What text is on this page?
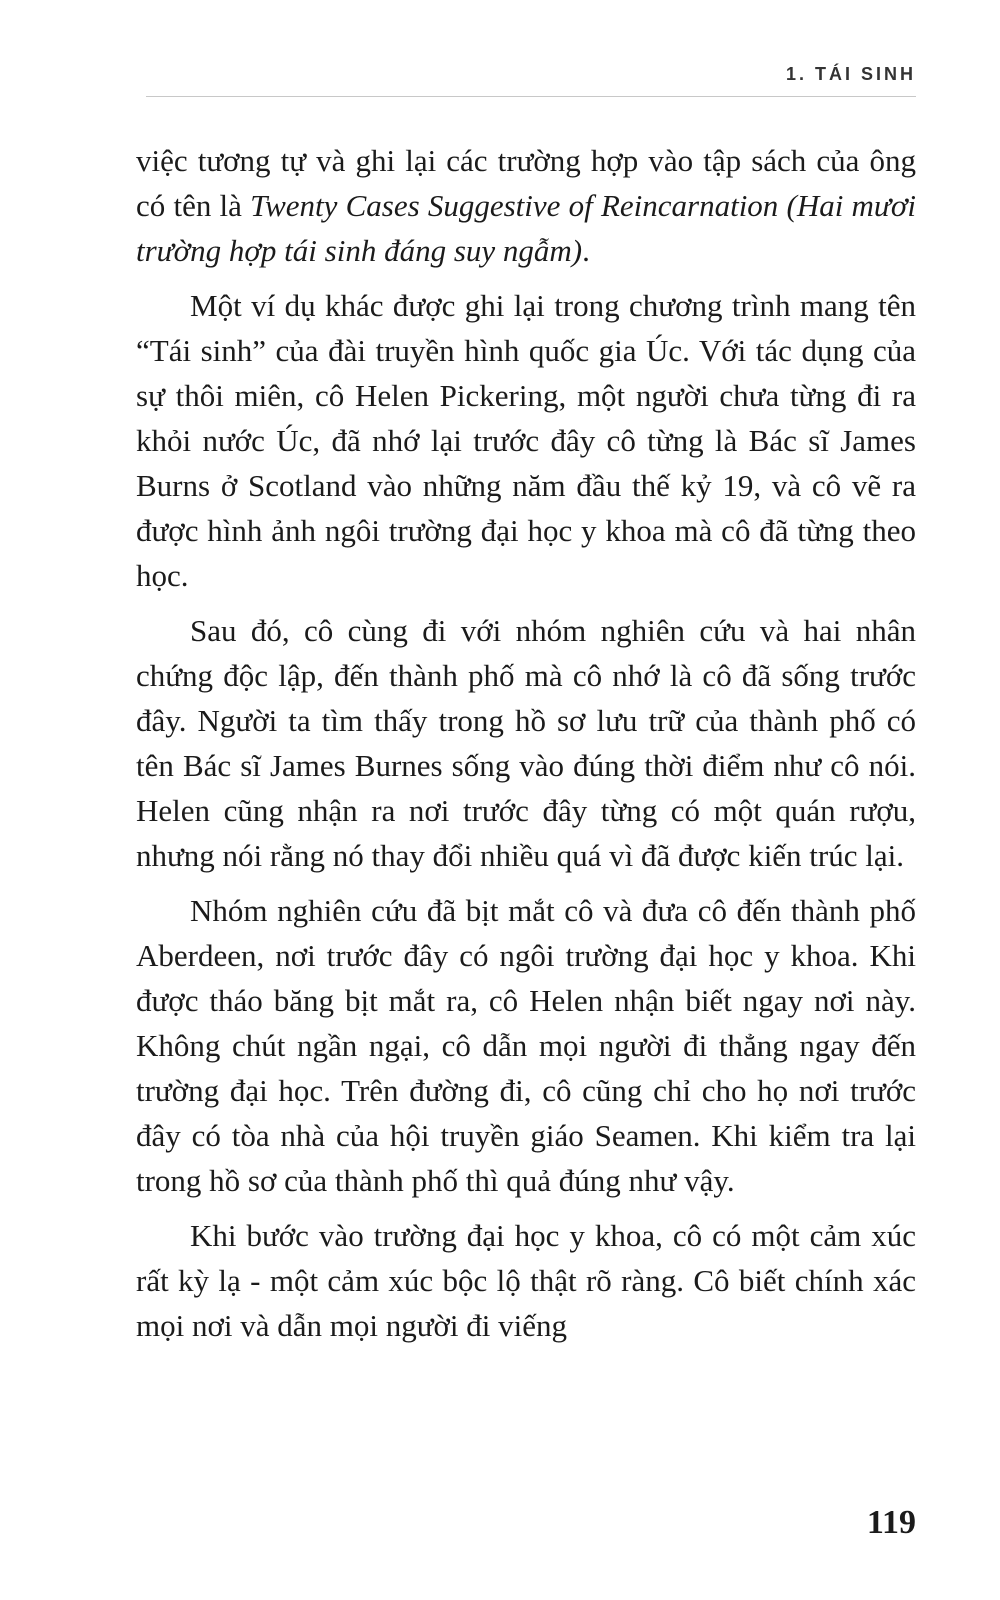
1. TÁI SINH

việc tương tự và ghi lại các trường hợp vào tập sách của ông có tên là Twenty Cases Suggestive of Reincarnation (Hai mươi trường hợp tái sinh đáng suy ngẫm).

Một ví dụ khác được ghi lại trong chương trình mang tên “Tái sinh” của đài truyền hình quốc gia Úc. Với tác dụng của sự thôi miên, cô Helen Pickering, một người chưa từng đi ra khỏi nước Úc, đã nhớ lại trước đây cô từng là Bác sĩ James Burns ở Scotland vào những năm đầu thế kỷ 19, và cô vẽ ra được hình ảnh ngôi trường đại học y khoa mà cô đã từng theo học.

Sau đó, cô cùng đi với nhóm nghiên cứu và hai nhân chứng độc lập, đến thành phố mà cô nhớ là cô đã sống trước đây. Người ta tìm thấy trong hồ sơ lưu trữ của thành phố có tên Bác sĩ James Burnes sống vào đúng thời điểm như cô nói. Helen cũng nhận ra nơi trước đây từng có một quán rượu, nhưng nói rằng nó thay đổi nhiều quá vì đã được kiến trúc lại.

Nhóm nghiên cứu đã bịt mắt cô và đưa cô đến thành phố Aberdeen, nơi trước đây có ngôi trường đại học y khoa. Khi được tháo băng bịt mắt ra, cô Helen nhận biết ngay nơi này. Không chút ngần ngại, cô dẫn mọi người đi thẳng ngay đến trường đại học. Trên đường đi, cô cũng chỉ cho họ nơi trước đây có tòa nhà của hội truyền giáo Seamen. Khi kiểm tra lại trong hồ sơ của thành phố thì quả đúng như vậy.

Khi bước vào trường đại học y khoa, cô có một cảm xúc rất kỳ lạ - một cảm xúc bộc lộ thật rõ ràng. Cô biết chính xác mọi nơi và dẫn mọi người đi viếng

119
